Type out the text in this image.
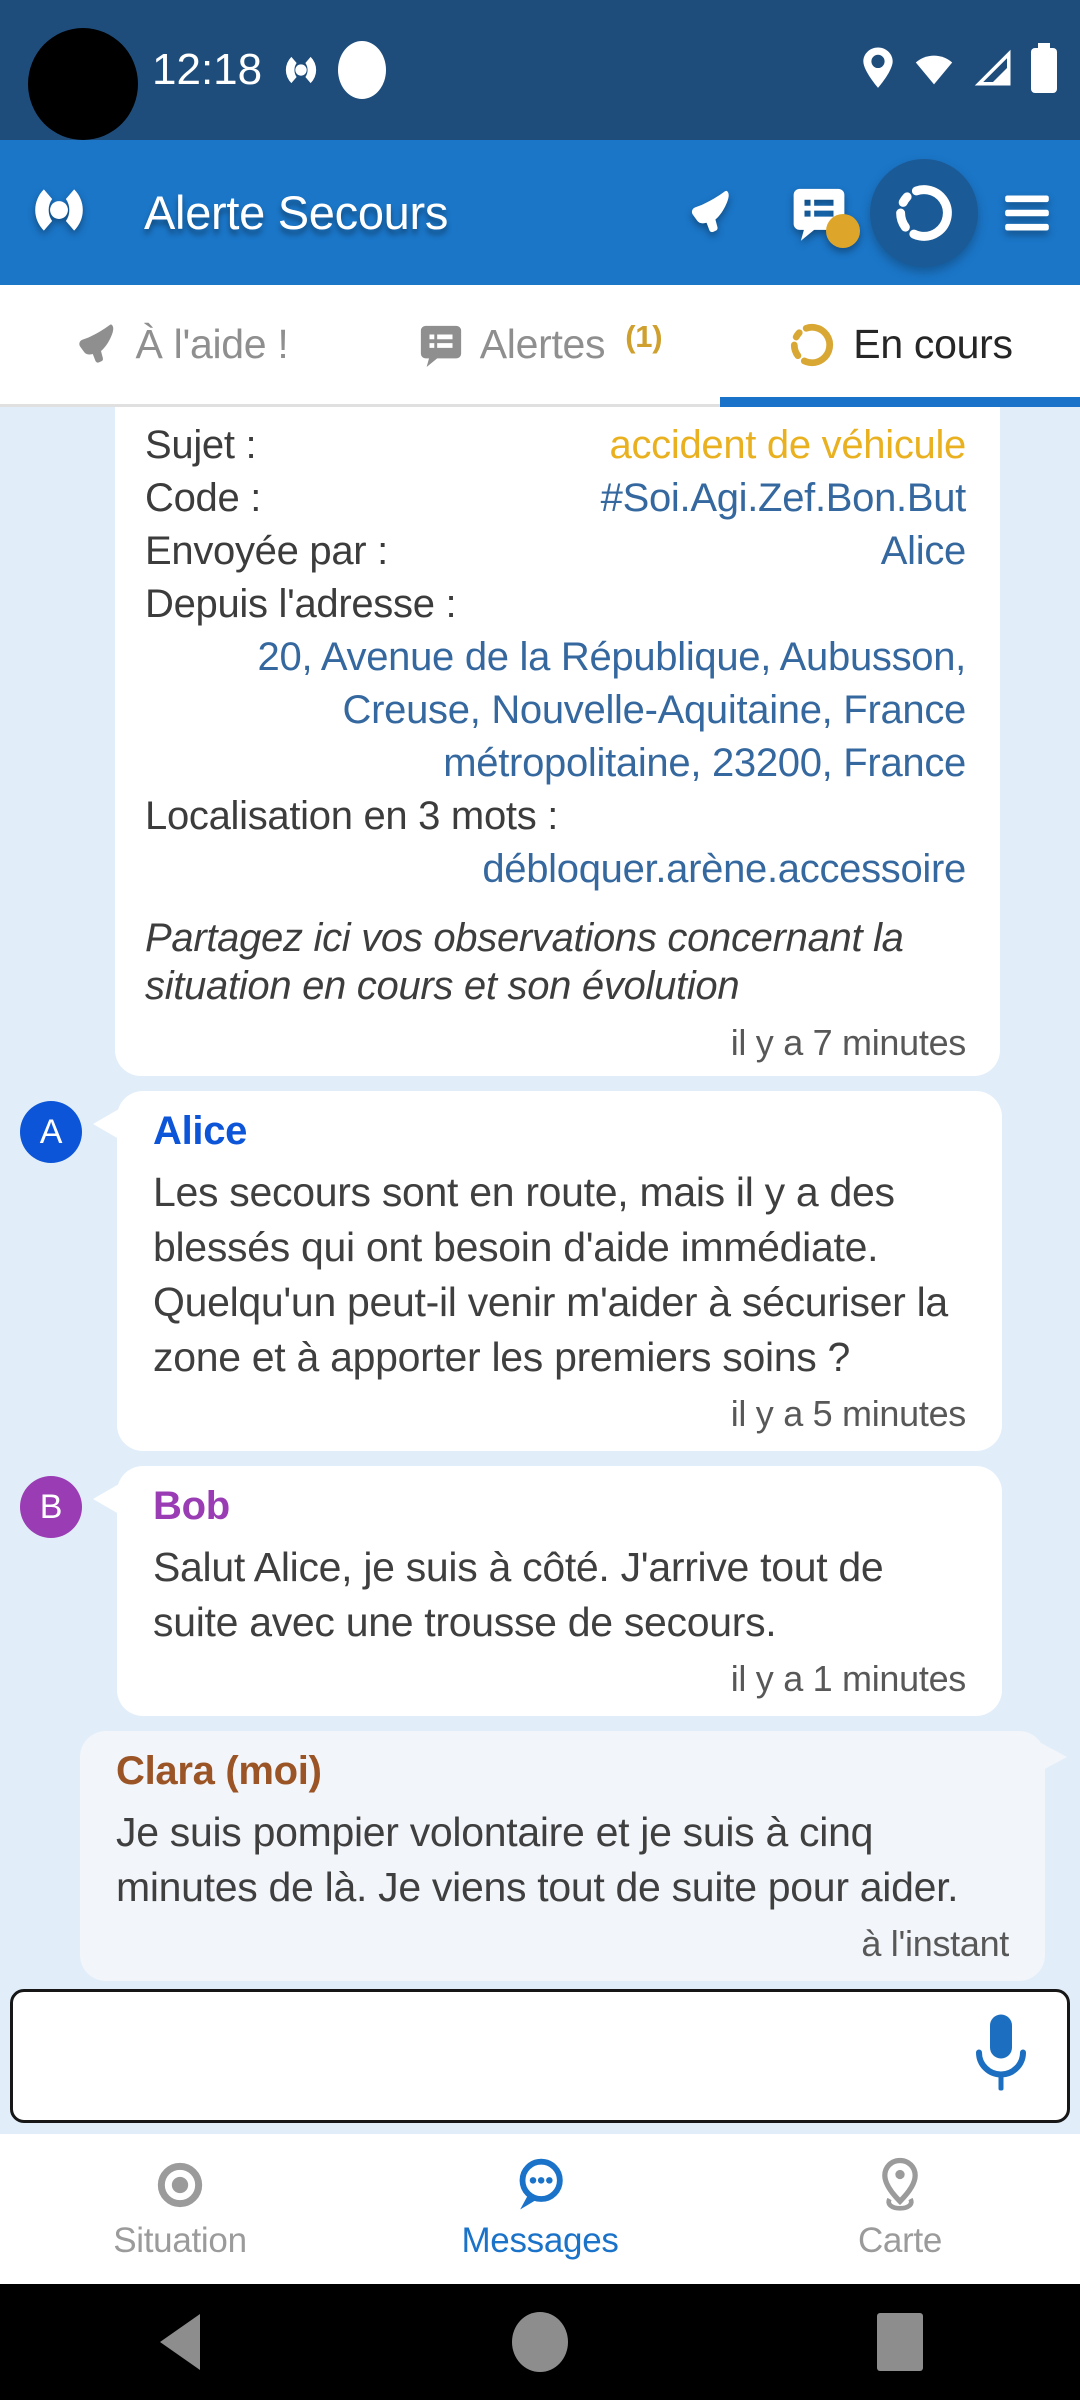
12:18
Alerte Secours
À l'aide !	Alertes (1)	En cours
Sujet :	accident de véhicule
Code :	#Soi.Agi.Zef.Bon.But
Envoyée par :	Alice
Depuis l'adresse :
20, Avenue de la République, Aubusson,
Creuse, Nouvelle-Aquitaine, France
métropolitaine, 23200, France
Localisation en 3 mots :
débloquer.arène.accessoire
Partagez ici vos observations concernant la situation en cours et son évolution
il y a 7 minutes
A	Alice
Les secours sont en route, mais il y a des blessés qui ont besoin d'aide immédiate. Quelqu'un peut-il venir m'aider à sécuriser la zone et à apporter les premiers soins ?
il y a 5 minutes
B	Bob
Salut Alice, je suis à côté. J'arrive tout de suite avec une trousse de secours.
il y a 1 minutes
Clara (moi)
Je suis pompier volontaire et je suis à cinq minutes de là. Je viens tout de suite pour aider.
à l'instant
Situation	Messages	Carte
